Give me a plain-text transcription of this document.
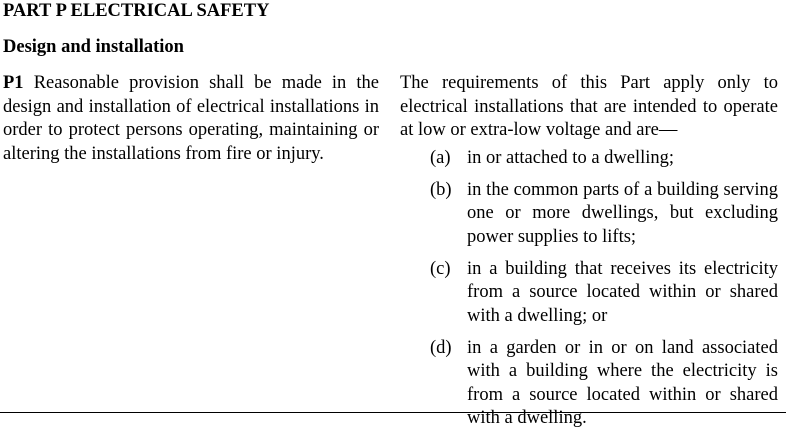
PART P ELECTRICAL SAFETY
Design and installation

P1 Reasonable provision shall be made in the design and installation of electrical installations in order to protect persons operating, maintaining or altering the installations from fire or injury.

The requirements of this Part apply only to electrical installations that are intended to operate at low or extra-low voltage and are—

(a) in or attached to a dwelling;
(b) in the common parts of a building serving one or more dwellings, but excluding power supplies to lifts;
(c) in a building that receives its electricity from a source located within or shared with a dwelling; or
(d) in a garden or in or on land associated with a building where the electricity is from a source located within or shared with a dwelling.
